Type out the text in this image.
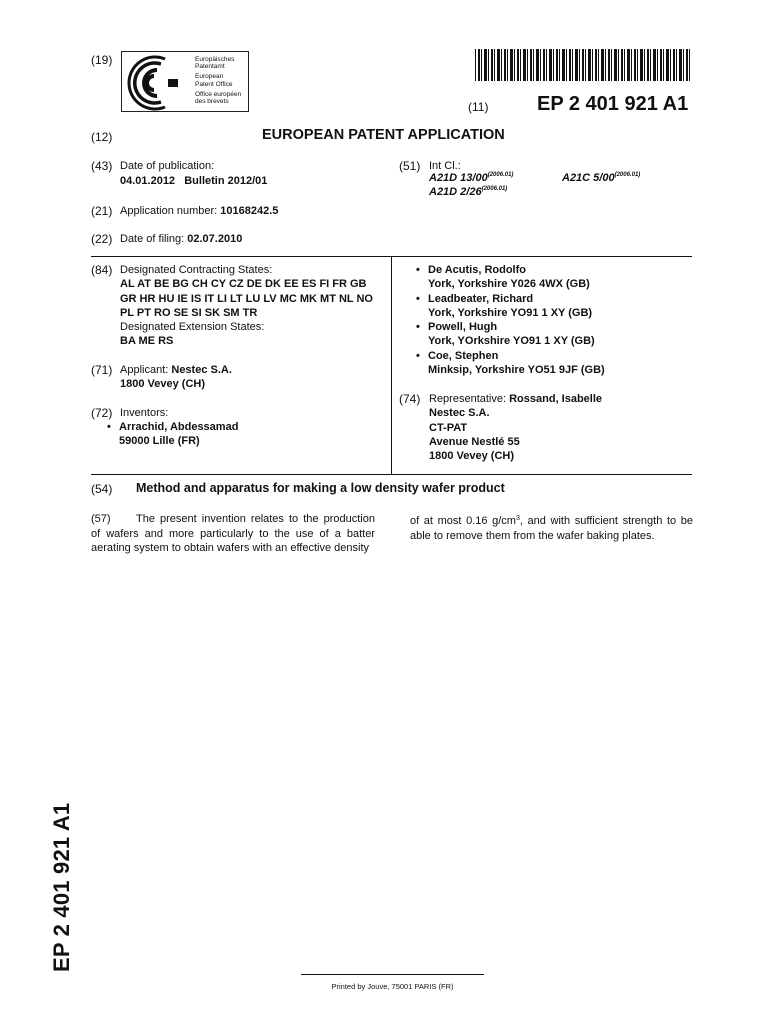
(19)	Europäisches
Patentamt
European
Patent Office
Office européen
des brevets	(11) EP 2 401 921 A1
(12)	EUROPEAN PATENT APPLICATION
(43) Date of publication:
04.01.2012   Bulletin 2012/01
(51) Int Cl.:
A21D $13/00^{(2006.01)}$	A21C $5/00^{(2006.01)}$
A21D $2/26^{(2006.01)}$
(21) Application number: 10168242.5
(22) Date of filing: 02.07.2010
(84) Designated Contracting States:
AL AT BE BG CH CY CZ DE DK EE ES FI FR GB
GR HR HU IE IS IT LI LT LU LV MC MK MT NL NO
PL PT RO SE SI SK SM TR
Designated Extension States:
BA ME RS
(71) Applicant: Nestec S.A.
1800 Vevey (CH)
(72) Inventors:
• Arrachid, Abdessamad
59000 Lille (FR)
• De Acutis, Rodolfo
York, Yorkshire Y026 4WX (GB)
• Leadbeater, Richard
York, Yorkshire YO91 1 XY (GB)
• Powell, Hugh
York, YOrkshire YO91 1 XY (GB)
• Coe, Stephen
Minksip, Yorkshire YO51 9JF (GB)
(74) Representative: Rossand, Isabelle
Nestec S.A.
CT-PAT
Avenue Nestlé 55
1800 Vevey (CH)
(54) Method and apparatus for making a low density wafer product
(57) The present invention relates to the production of wafers and more particularly to the use of a batter aerating system to obtain wafers with an effective density
of at most 0.16 $g/cm^3$, and with sufficient strength to be able to remove them from the wafer baking plates.
EP 2 401 921 A1
Printed by Jouve, 75001 PARIS (FR)
